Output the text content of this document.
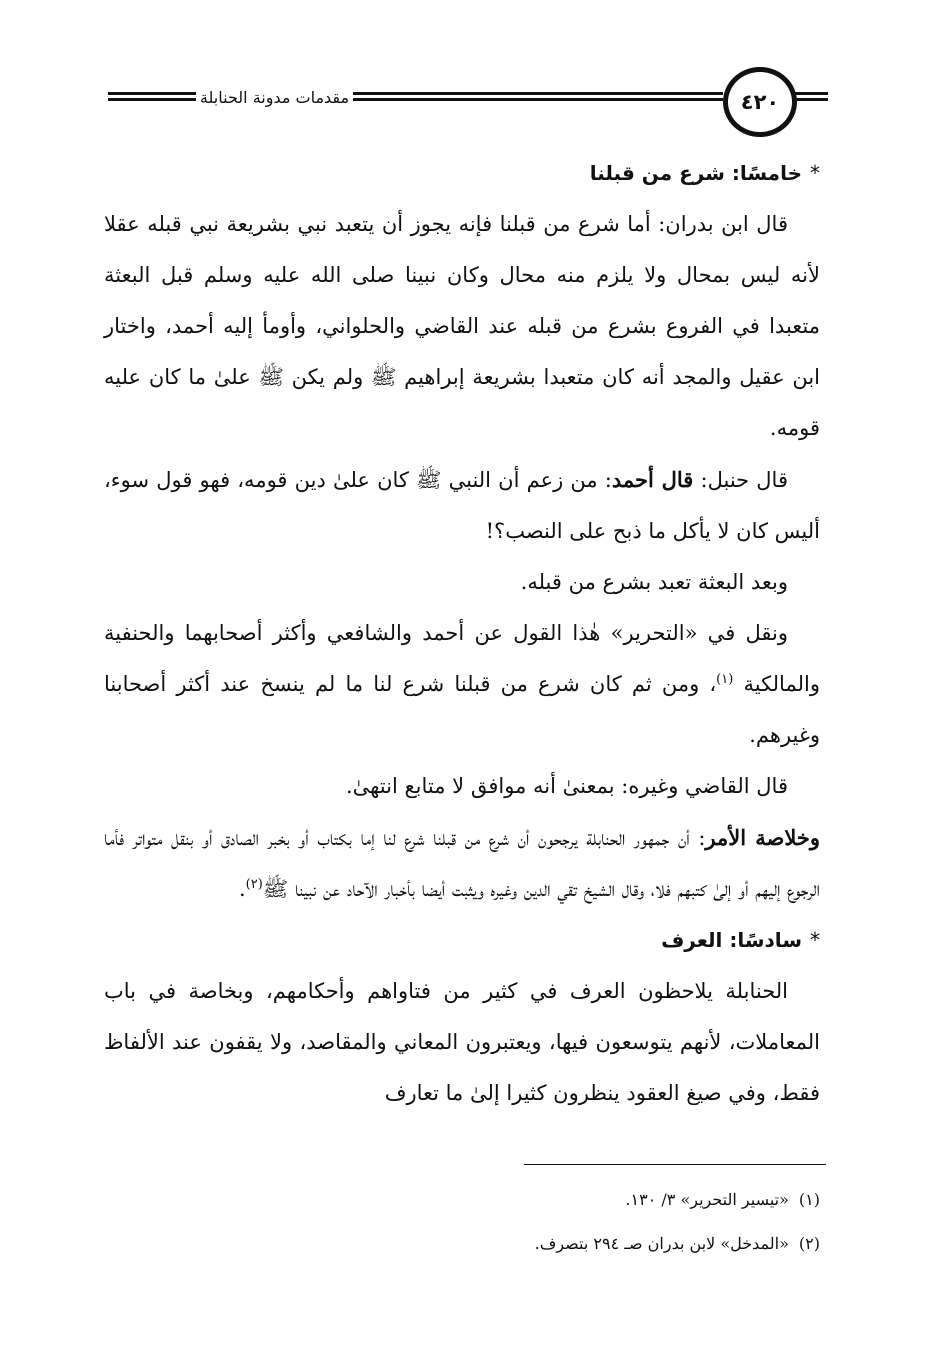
مقدمات مدونة الحنابلة	٤٢٠

*خامسًا: شرع من قبلنا

قال ابن بدران: أما شرع من قبلنا فإنه يجوز أن يتعبد نبي بشريعة نبي قبله عقلا لأنه ليس بمحال ولا يلزم منه محال وكان نبينا صلى الله عليه وسلم قبل البعثة متعبدا في الفروع بشرع من قبله عند القاضي والحلواني، وأومأ إليه أحمد، واختار ابن عقيل والمجد أنه كان متعبدا بشريعة إبراهيم ﷺ ولم يكن ﷺ علىٰ ما كان عليه قومه.

قال حنبل: قال أحمد: من زعم أن النبي ﷺ كان علىٰ دين قومه، فهو قول سوء، أليس كان لا يأكل ما ذبح على النصب؟!

وبعد البعثة تعبد بشرع من قبله.

ونقل في «التحرير» هٰذا القول عن أحمد والشافعي وأكثر أصحابهما والحنفية والمالكية $^{(١)}$، ومن ثم كان شرع من قبلنا شرع لنا ما لم ينسخ عند أكثر أصحابنا وغيرهم.

قال القاضي وغيره: بمعنىٰ أنه موافق لا متابع انتهىٰ.

وخلاصة الأمر: أن جمهور الحنابلة يرجحون أن شرع من قبلنا شرع لنا إما بكتاب أو بخبر الصادق أو بنقل متواتر فأما الرجوع إليهم أو إلىٰ كتبهم فلا، وقال الشيخ تقي الدين وغيره ويثبت أيضا بأخبار الآحاد عن نبينا ﷺ$^{(٢)}$.

*سادسًا: العرف

الحنابلة يلاحظون العرف في كثير من فتاواهم وأحكامهم، وبخاصة في باب المعاملات، لأنهم يتوسعون فيها، ويعتبرون المعاني والمقاصد، ولا يقفون عند الألفاظ فقط، وفي صيغ العقود ينظرون كثيرا إلىٰ ما تعارف

(١)«تيسير التحرير» ٣/ ١٣٠.

(٢)«المدخل» لابن بدران صـ ٢٩٤ بتصرف.
